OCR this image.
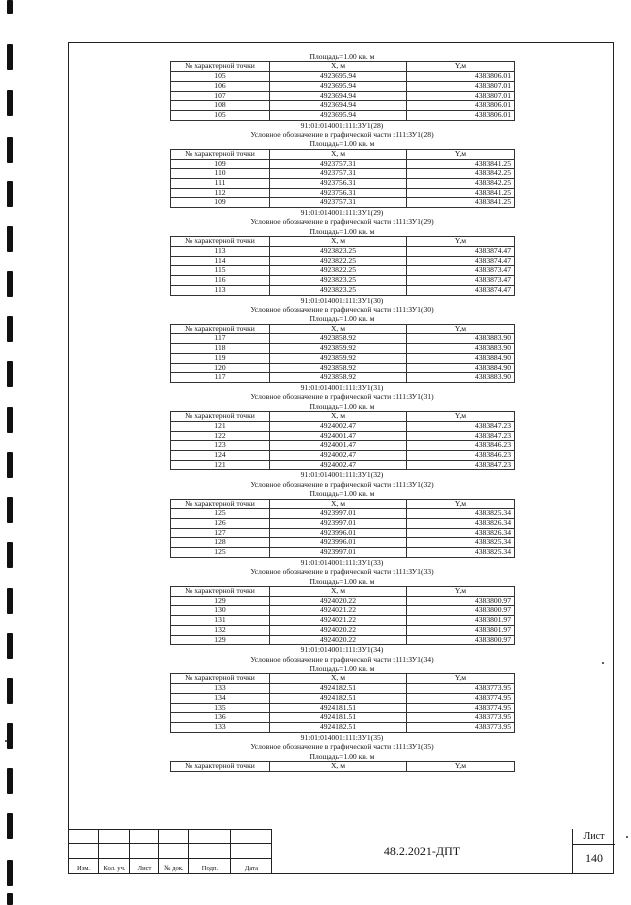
Площадь=1.00 кв. м
№ характерной точки	X, м	Y,м
105	4923695.94	4383806.01
106	4923695.94	4383807.01
107	4923694.94	4383807.01
108	4923694.94	4383806.01
105	4923695.94	4383806.01
91:01:014001:111:ЗУ1(28)
Условное обозначение в графической части :111:ЗУ1(28)
Площадь=1.00 кв. м
№ характерной точки	X, м	Y,м
109	4923757.31	4383841.25
110	4923757.31	4383842.25
111	4923756.31	4383842.25
112	4923756.31	4383841.25
109	4923757.31	4383841.25
91:01:014001:111:ЗУ1(29)
Условное обозначение в графической части :111:ЗУ1(29)
Площадь=1.00 кв. м
№ характерной точки	X, м	Y,м
113	4923823.25	4383874.47
114	4923822.25	4383874.47
115	4923822.25	4383873.47
116	4923823.25	4383873.47
113	4923823.25	4383874.47
91:01:014001:111:ЗУ1(30)
Условное обозначение в графической части :111:ЗУ1(30)
Площадь=1.00 кв. м
№ характерной точки	X, м	Y,м
117	4923858.92	4383883.90
118	4923859.92	4383883.90
119	4923859.92	4383884.90
120	4923858.92	4383884.90
117	4923858.92	4383883.90
91:01:014001:111:ЗУ1(31)
Условное обозначение в графической части :111:ЗУ1(31)
Площадь=1.00 кв. м
№ характерной точки	X, м	Y,м
121	4924002.47	4383847.23
122	4924001.47	4383847.23
123	4924001.47	4383846.23
124	4924002.47	4383846.23
121	4924002.47	4383847.23
91:01:014001:111:ЗУ1(32)
Условное обозначение в графической части :111:ЗУ1(32)
Площадь=1.00 кв. м
№ характерной точки	X, м	Y,м
125	4923997.01	4383825.34
126	4923997.01	4383826.34
127	4923996.01	4383826.34
128	4923996.01	4383825.34
125	4923997.01	4383825.34
91:01:014001:111:ЗУ1(33)
Условное обозначение в графической части :111:ЗУ1(33)
Площадь=1.00 кв. м
№ характерной точки	X, м	Y,м
129	4924020.22	4383800.97
130	4924021.22	4383800.97
131	4924021.22	4383801.97
132	4924020.22	4383801.97
129	4924020.22	4383800.97
91:01:014001:111:ЗУ1(34)
Условное обозначение в графической части :111:ЗУ1(34)
Площадь=1.00 кв. м
№ характерной точки	X, м	Y,м
133	4924182.51	4383773.95
134	4924182.51	4383774.95
135	4924181.51	4383774.95
136	4924181.51	4383773.95
133	4924182.51	4383773.95
91:01:014001:111:ЗУ1(35)
Условное обозначение в графической части :111:ЗУ1(35)
Площадь=1.00 кв. м
№ характерной точки	X, м	Y,м
Изм.	Кол. уч.	Лист	№ док.	Подп.	Дата
48.2.2021-ДПТ
Лист
140
